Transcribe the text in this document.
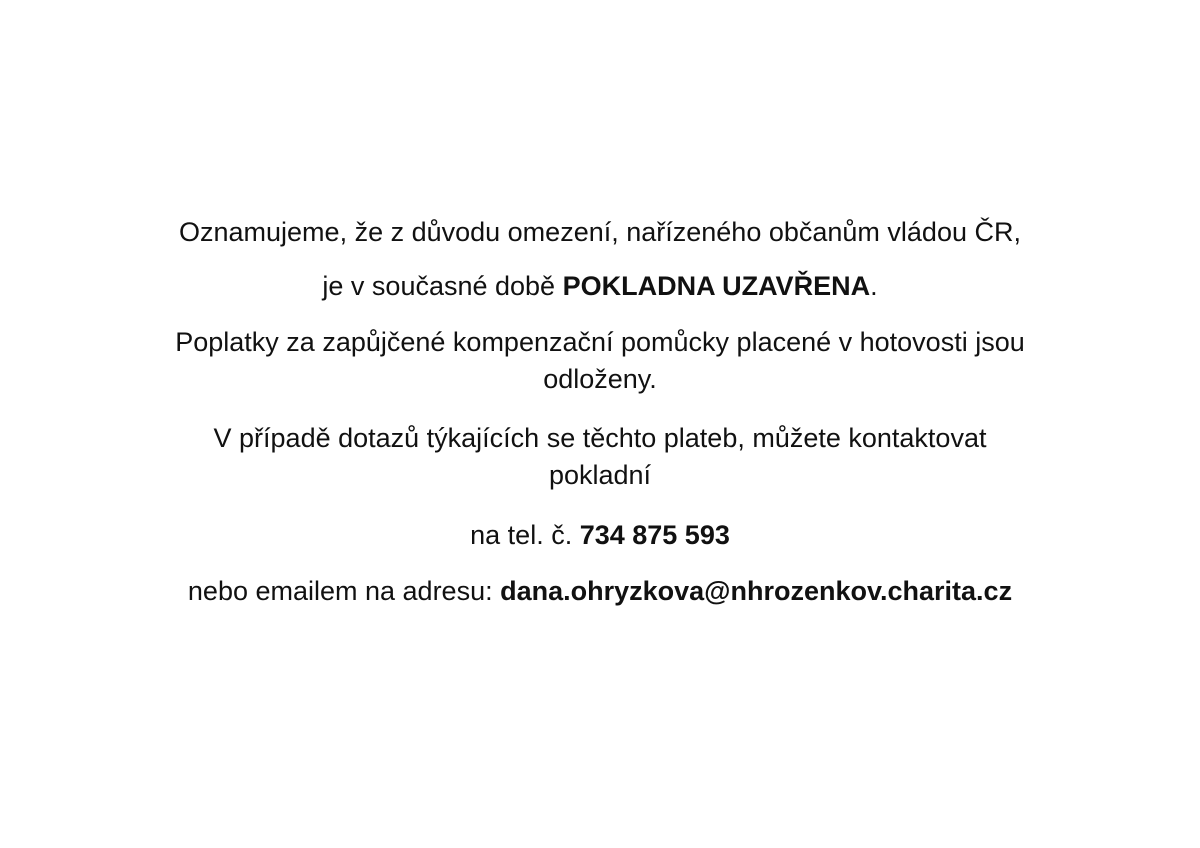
Oznamujeme, že z důvodu omezení, nařízeného občanům vládou ČR,
je v současné době POKLADNA UZAVŘENA.
Poplatky za zapůjčené kompenzační pomůcky placené v hotovosti jsou
odloženy.
V případě dotazů týkajících se těchto plateb, můžete kontaktovat
pokladní
na tel. č. 734 875 593
nebo emailem na adresu: dana.ohryzkova@nhrozenkov.charita.cz
